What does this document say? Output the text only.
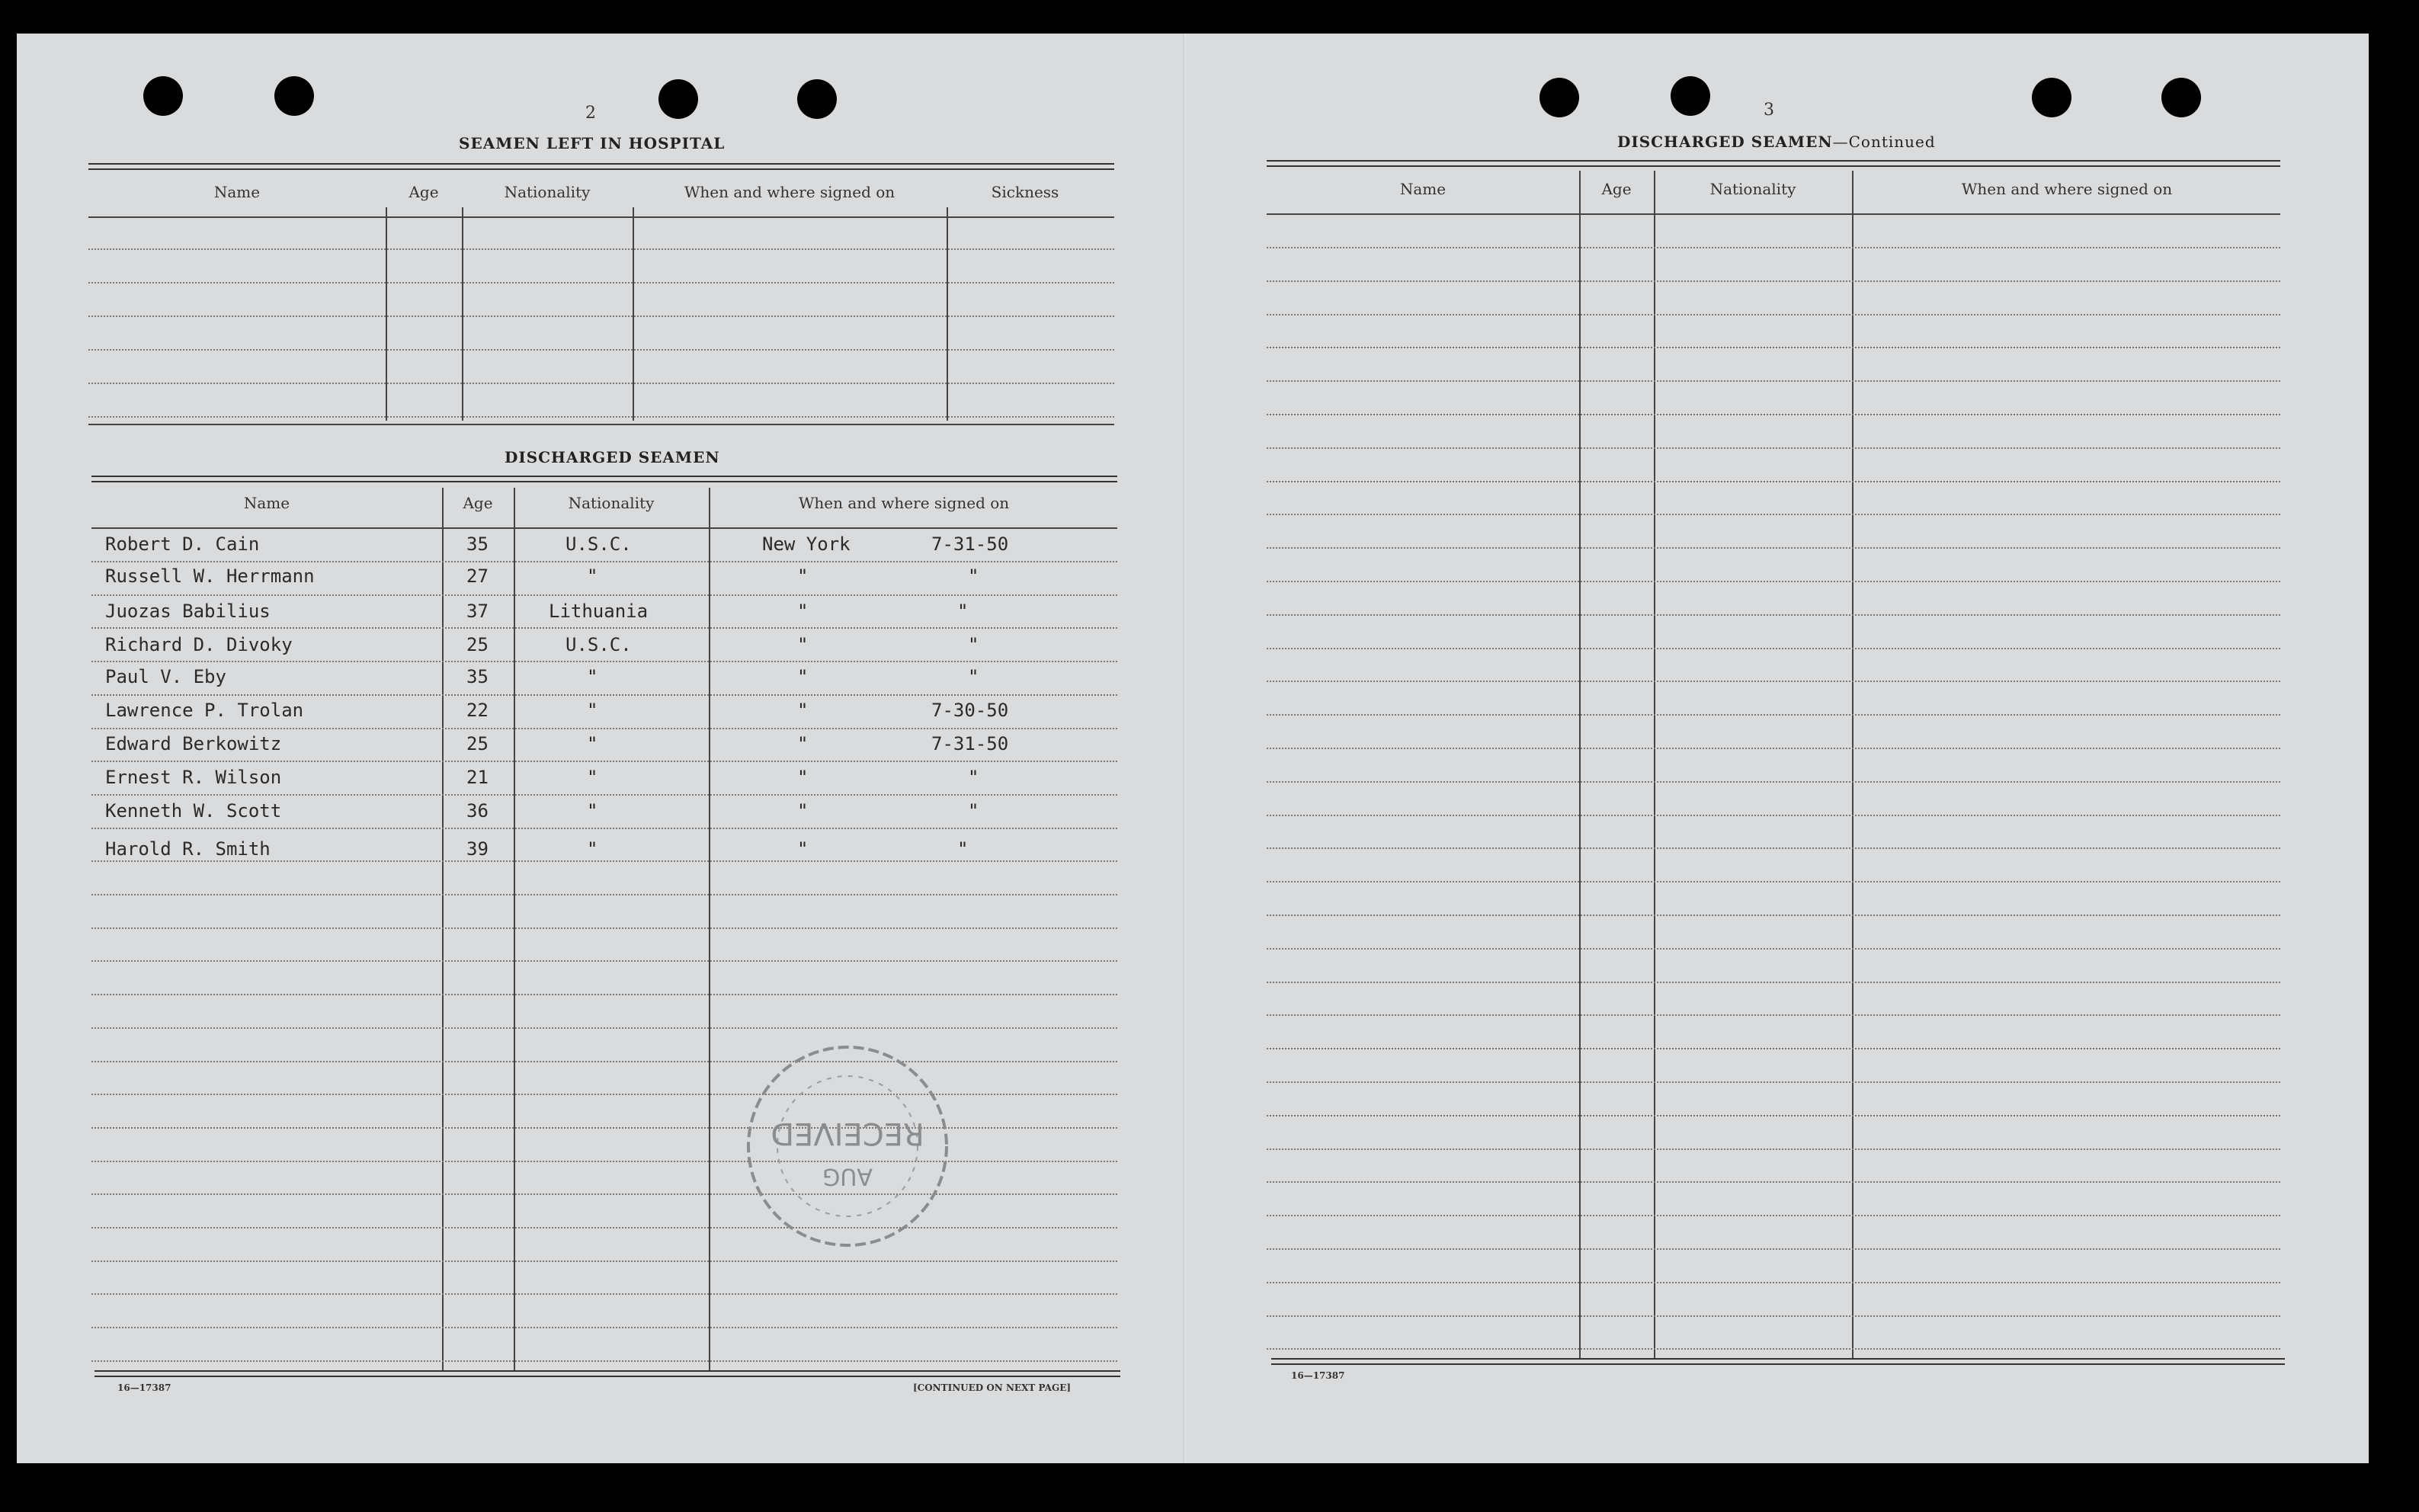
2
SEAMEN LEFT IN HOSPITAL
Name	Age	Nationality	When and where signed on	Sickness
DISCHARGED SEAMEN
Name	Age	Nationality	When and where signed on
Robert D. Cain	35	U.S.C.	New York	7-31-50
Russell W. Herrmann	27	"	"	"
Juozas Babilius	37	Lithuania	"	"
Richard D. Divoky	25	U.S.C.	"	"
Paul V. Eby	35	"	"	"
Lawrence P. Trolan	22	"	"	7-30-50
Edward Berkowitz	25	"	"	7-31-50
Ernest R. Wilson	21	"	"	"
Kenneth W. Scott	36	"	"	"
Harold R. Smith	39	"	"	"
16—17387	[CONTINUED ON NEXT PAGE]
RECEIVED
AUG
3
DISCHARGED SEAMEN—Continued
Name	Age	Nationality	When and where signed on
16—17387
